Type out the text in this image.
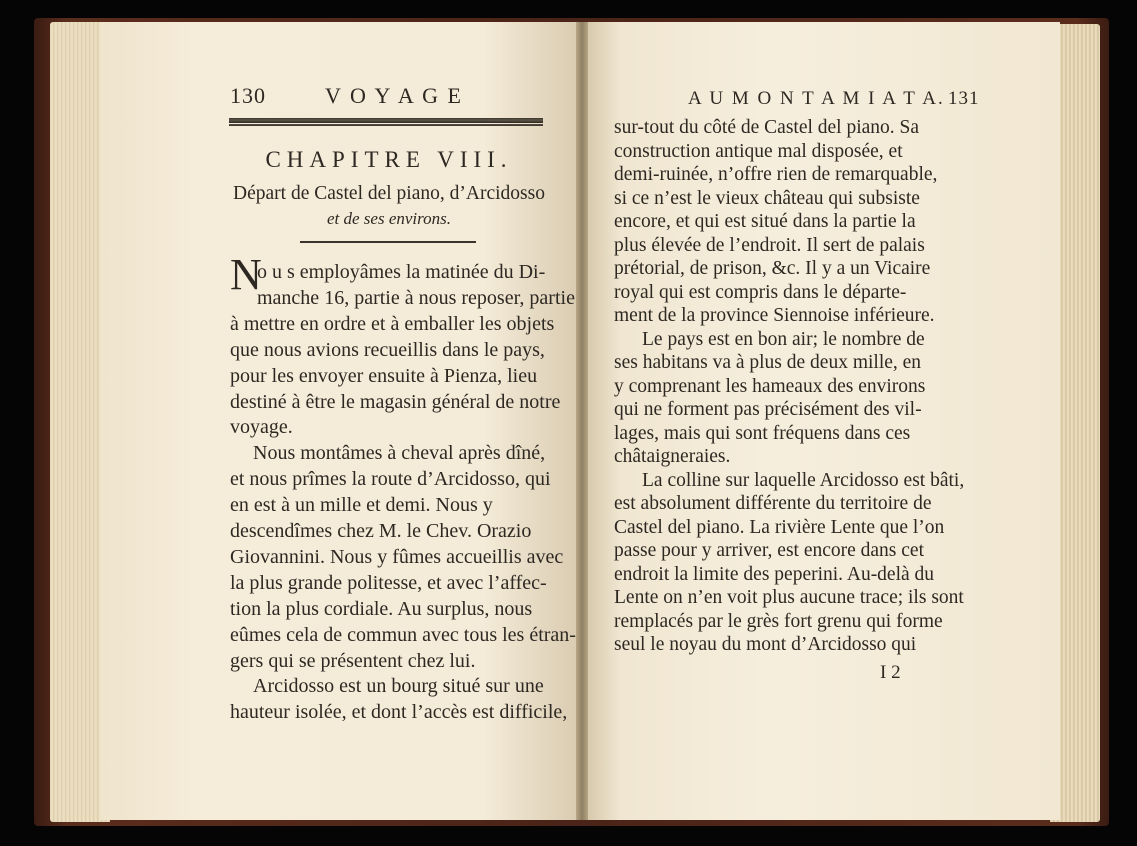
130	V O Y A G E
CHAPITRE VIII.
Départ de Castel del piano, d’Arcidosso
et de ses environs.
N
o u s employâmes la matinée du Di-
manche 16, partie à nous reposer, partie
à mettre en ordre et à emballer les objets
que nous avions recueillis dans le pays,
pour les envoyer ensuite à Pienza, lieu
destiné à être le magasin général de notre
voyage.
Nous montâmes à cheval après dîné,
et nous prîmes la route d’Arcidosso, qui
en est à un mille et demi. Nous y
descendîmes chez M. le Chev. Orazio
Giovannini. Nous y fûmes accueillis avec
la plus grande politesse, et avec l’affec-
tion la plus cordiale. Au surplus, nous
eûmes cela de commun avec tous les étran-
gers qui se présentent chez lui.
Arcidosso est un bourg situé sur une
hauteur isolée, et dont l’accès est difficile,
A U M O N T A M I A T A. 131
sur-tout du côté de Castel del piano. Sa
construction antique mal disposée, et
demi-ruinée, n’offre rien de remarquable,
si ce n’est le vieux château qui subsiste
encore, et qui est situé dans la partie la
plus élevée de l’endroit. Il sert de palais
prétorial, de prison, &c. Il y a un Vicaire
royal qui est compris dans le départe-
ment de la province Siennoise inférieure.
Le pays est en bon air; le nombre de
ses habitans va à plus de deux mille, en
y comprenant les hameaux des environs
qui ne forment pas précisément des vil-
lages, mais qui sont fréquens dans ces
châtaigneraies.
La colline sur laquelle Arcidosso est bâti,
est absolument différente du territoire de
Castel del piano. La rivière Lente que l’on
passe pour y arriver, est encore dans cet
endroit la limite des peperini. Au-delà du
Lente on n’en voit plus aucune trace; ils sont
remplacés par le grès fort grenu qui forme
seul le noyau du mont d’Arcidosso qui
I 2
